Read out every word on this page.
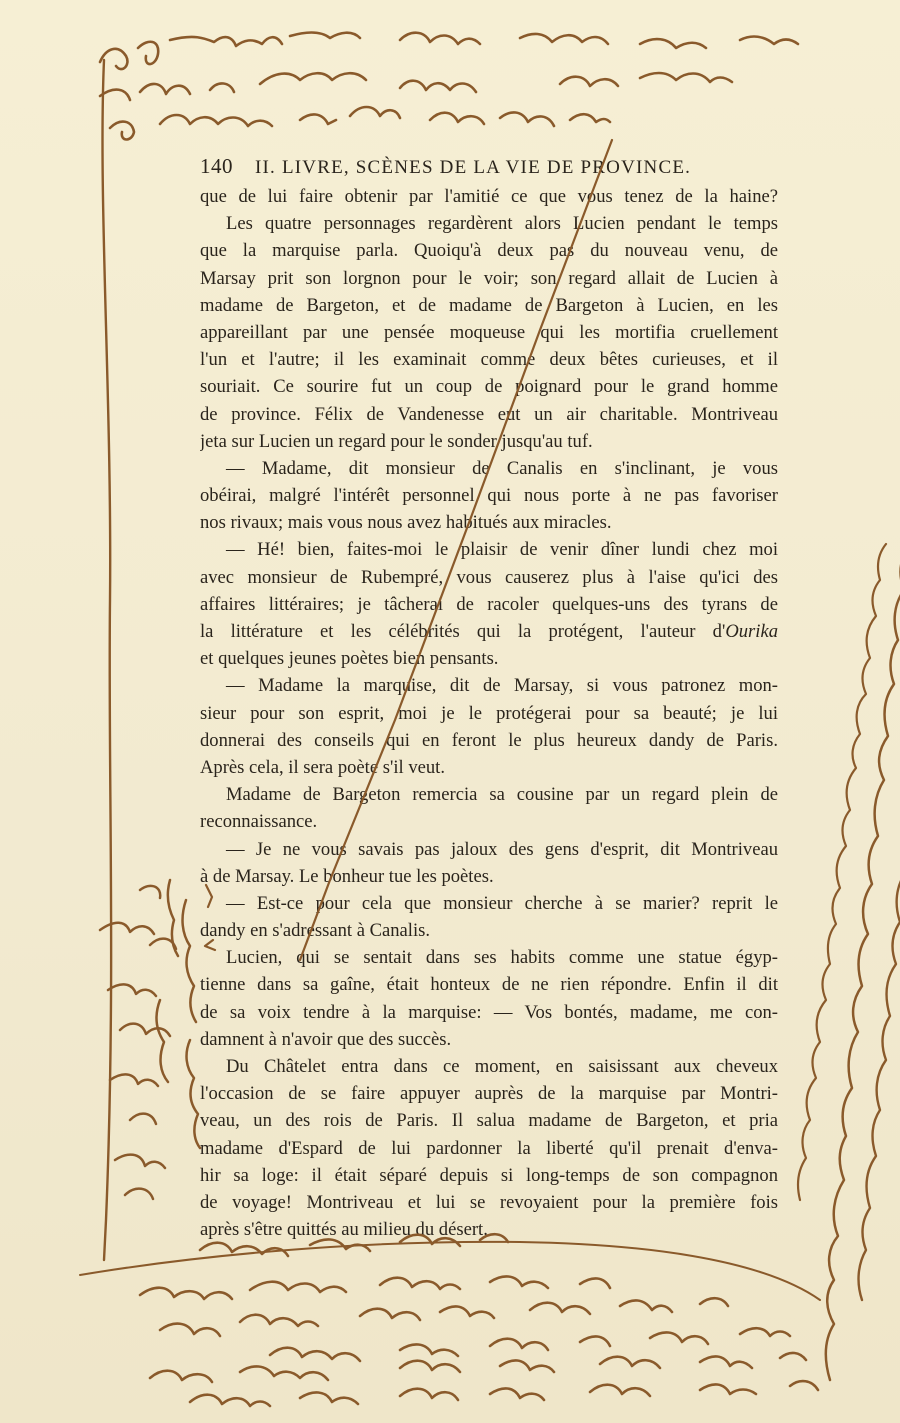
140 II. LIVRE, SCÈNES DE LA VIE DE PROVINCE.
que de lui faire obtenir par l'amitié ce que vous tenez de la haine?
Les quatre personnages regardèrent alors Lucien pendant le temps
que la marquise parla. Quoiqu'à deux pas du nouveau venu, de
Marsay prit son lorgnon pour le voir; son regard allait de Lucien à
madame de Bargeton, et de madame de Bargeton à Lucien, en les
appareillant par une pensée moqueuse qui les mortifia cruellement
l'un et l'autre; il les examinait comme deux bêtes curieuses, et il
souriait. Ce sourire fut un coup de poignard pour le grand homme
de province. Félix de Vandenesse eut un air charitable. Montriveau
jeta sur Lucien un regard pour le sonder jusqu'au tuf.
— Madame, dit monsieur de Canalis en s'inclinant, je vous
obéirai, malgré l'intérêt personnel qui nous porte à ne pas favoriser
nos rivaux; mais vous nous avez habitués aux miracles.
— Hé! bien, faites-moi le plaisir de venir dîner lundi chez moi
avec monsieur de Rubempré, vous causerez plus à l'aise qu'ici des
affaires littéraires; je tâcherai de racoler quelques-uns des tyrans de
la littérature et les célébrités qui la protégent, l'auteur d'Ourika
et quelques jeunes poètes bien pensants.
— Madame la marquise, dit de Marsay, si vous patronez mon-
sieur pour son esprit, moi je le protégerai pour sa beauté; je lui
donnerai des conseils qui en feront le plus heureux dandy de Paris.
Après cela, il sera poète s'il veut.
Madame de Bargeton remercia sa cousine par un regard plein de
reconnaissance.
— Je ne vous savais pas jaloux des gens d'esprit, dit Montriveau
à de Marsay. Le bonheur tue les poètes.
— Est-ce pour cela que monsieur cherche à se marier? reprit le
dandy en s'adressant à Canalis.
Lucien, qui se sentait dans ses habits comme une statue égyp-
tienne dans sa gaîne, était honteux de ne rien répondre. Enfin il dit
de sa voix tendre à la marquise: — Vos bontés, madame, me con-
damnent à n'avoir que des succès.
Du Châtelet entra dans ce moment, en saisissant aux cheveux
l'occasion de se faire appuyer auprès de la marquise par Montri-
veau, un des rois de Paris. Il salua madame de Bargeton, et pria
madame d'Espard de lui pardonner la liberté qu'il prenait d'enva-
hir sa loge: il était séparé depuis si long-temps de son compagnon
de voyage! Montriveau et lui se revoyaient pour la première fois
après s'être quittés au milieu du désert.
